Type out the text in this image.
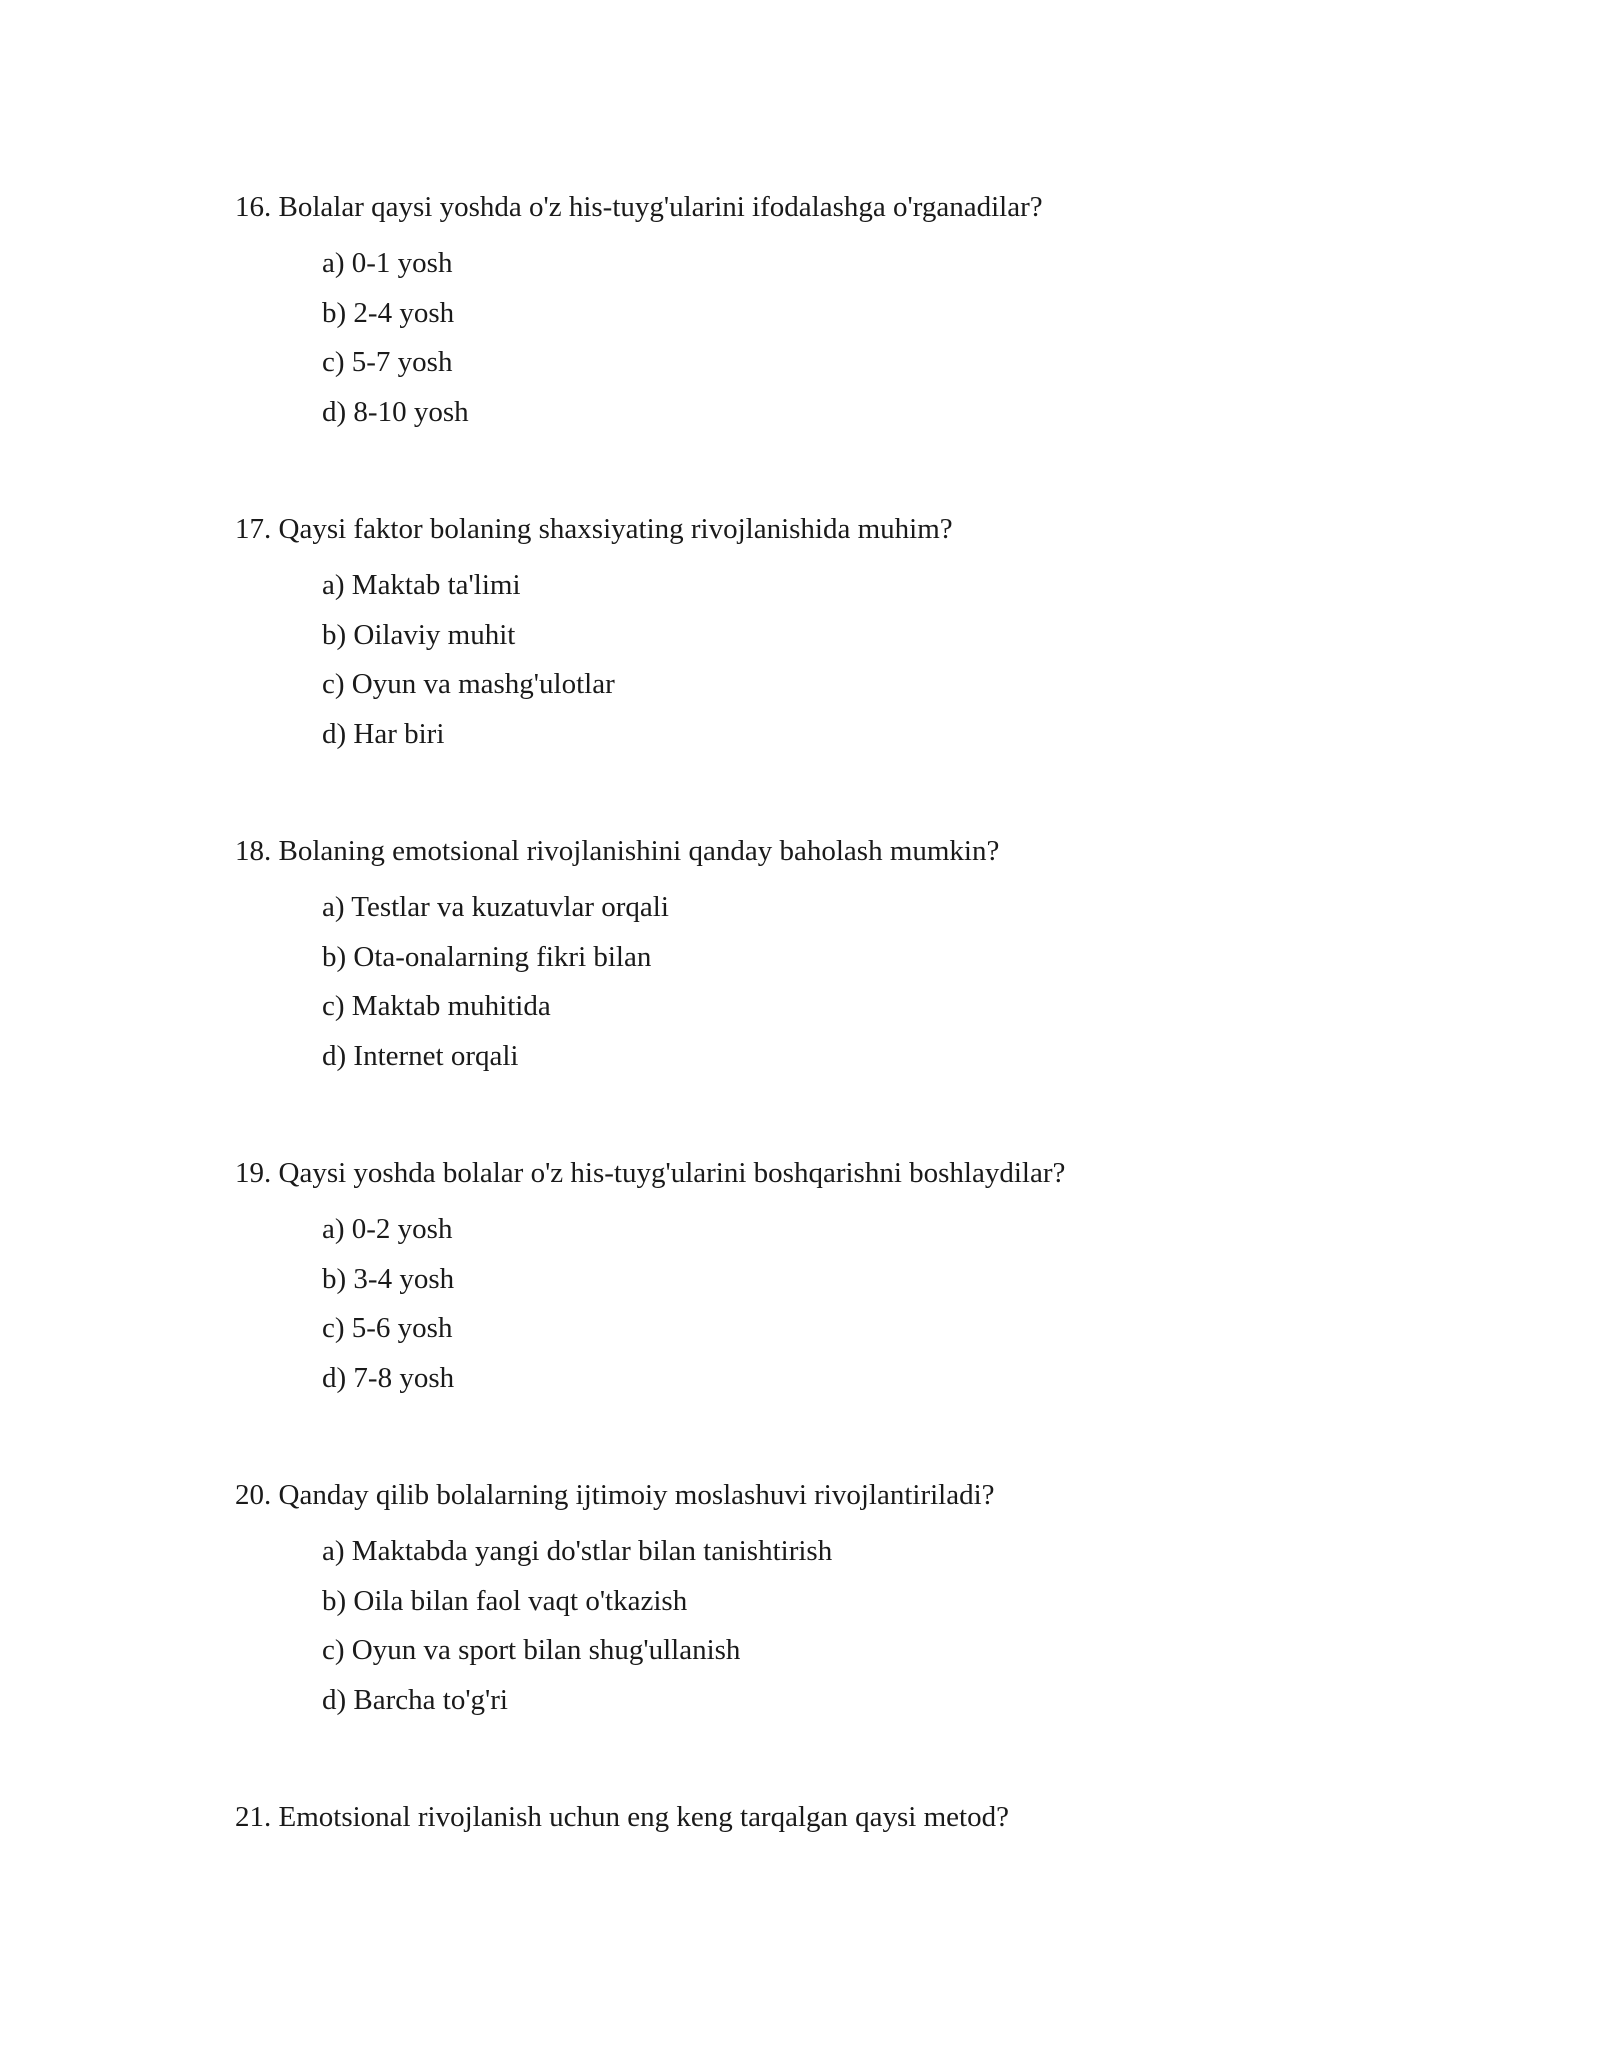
16. Bolalar qaysi yoshda o'z his-tuyg'ularini ifodalashga o'rganadilar?

a) 0-1 yosh
b) 2-4 yosh
c) 5-7 yosh
d) 8-10 yosh

17. Qaysi faktor bolaning shaxsiyating rivojlanishida muhim?

a) Maktab ta'limi
b) Oilaviy muhit
c) Oyun va mashg'ulotlar
d) Har biri

18. Bolaning emotsional rivojlanishini qanday baholash mumkin?

a) Testlar va kuzatuvlar orqali
b) Ota-onalarning fikri bilan
c) Maktab muhitida
d) Internet orqali

19. Qaysi yoshda bolalar o'z his-tuyg'ularini boshqarishni boshlaydilar?

a) 0-2 yosh
b) 3-4 yosh
c) 5-6 yosh
d) 7-8 yosh

20. Qanday qilib bolalarning ijtimoiy moslashuvi rivojlantiriladi?

a) Maktabda yangi do'stlar bilan tanishtirish
b) Oila bilan faol vaqt o'tkazish
c) Oyun va sport bilan shug'ullanish
d) Barcha to'g'ri

21. Emotsional rivojlanish uchun eng keng tarqalgan qaysi metod?
